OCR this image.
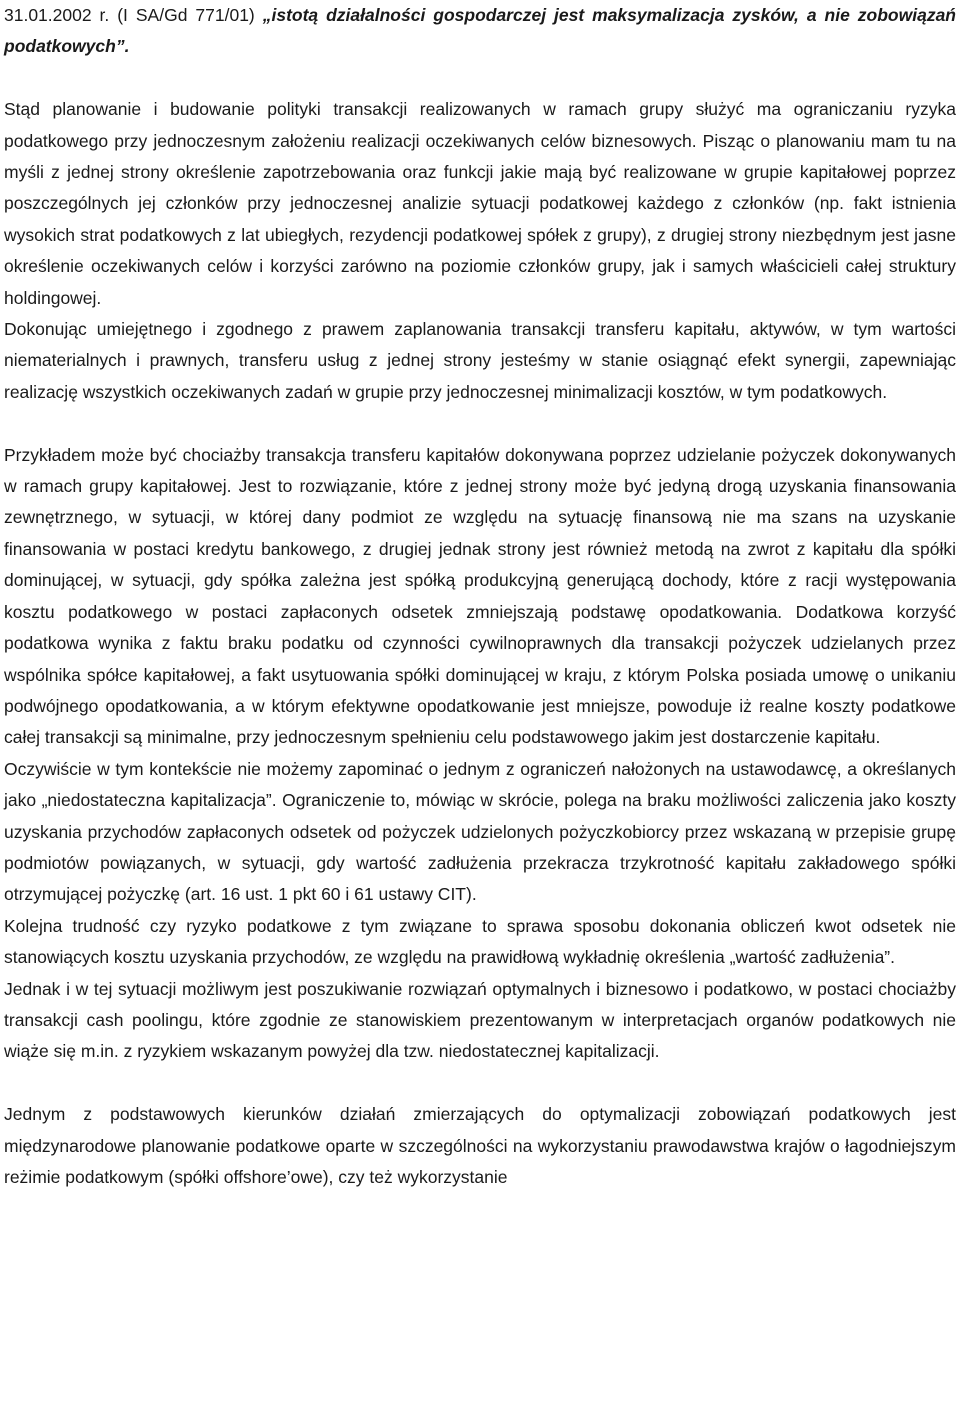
31.01.2002 r. (I SA/Gd 771/01) „istotą działalności gospodarczej jest maksymalizacja zysków, a nie zobowiązań podatkowych”.

Stąd planowanie i budowanie polityki transakcji realizowanych w ramach grupy służyć ma ograniczaniu ryzyka podatkowego przy jednoczesnym założeniu realizacji oczekiwanych celów biznesowych. Pisząc o planowaniu mam tu na myśli z jednej strony określenie zapotrzebowania oraz funkcji jakie mają być realizowane w grupie kapitałowej poprzez poszczególnych jej członków przy jednoczesnej analizie sytuacji podatkowej każdego z członków (np. fakt istnienia wysokich strat podatkowych z lat ubiegłych, rezydencji podatkowej spółek z grupy), z drugiej strony niezbędnym jest jasne określenie oczekiwanych celów i korzyści zarówno na poziomie członków grupy, jak i samych właścicieli całej struktury holdingowej.

Dokonując umiejętnego i zgodnego z prawem zaplanowania transakcji transferu kapitału, aktywów, w tym wartości niematerialnych i prawnych, transferu usług z jednej strony jesteśmy w stanie osiągnąć efekt synergii, zapewniając realizację wszystkich oczekiwanych zadań w grupie przy jednoczesnej minimalizacji kosztów, w tym podatkowych.

Przykładem może być chociażby transakcja transferu kapitałów dokonywana poprzez udzielanie pożyczek dokonywanych w ramach grupy kapitałowej. Jest to rozwiązanie, które z jednej strony może być jedyną drogą uzyskania finansowania zewnętrznego, w sytuacji, w której dany podmiot ze względu na sytuację finansową nie ma szans na uzyskanie finansowania w postaci kredytu bankowego, z drugiej jednak strony jest również metodą na zwrot z kapitału dla spółki dominującej, w sytuacji, gdy spółka zależna jest spółką produkcyjną generującą dochody, które z racji występowania kosztu podatkowego w postaci zapłaconych odsetek zmniejszają podstawę opodatkowania. Dodatkowa korzyść podatkowa wynika z faktu braku podatku od czynności cywilnoprawnych dla transakcji pożyczek udzielanych przez wspólnika spółce kapitałowej, a fakt usytuowania spółki dominującej w kraju, z którym Polska posiada umowę o unikaniu podwójnego opodatkowania, a w którym efektywne opodatkowanie jest mniejsze, powoduje iż realne koszty podatkowe całej transakcji są minimalne, przy jednoczesnym spełnieniu celu podstawowego jakim jest dostarczenie kapitału.

Oczywiście w tym kontekście nie możemy zapominać o jednym z ograniczeń nałożonych na ustawodawcę, a określanych jako „niedostateczna kapitalizacja”. Ograniczenie to, mówiąc w skrócie, polega na braku możliwości zaliczenia jako koszty uzyskania przychodów zapłaconych odsetek od pożyczek udzielonych pożyczkobiorcy przez wskazaną w przepisie grupę podmiotów powiązanych, w sytuacji, gdy wartość zadłużenia przekracza trzykrotność kapitału zakładowego spółki otrzymującej pożyczkę (art. 16 ust. 1 pkt 60 i 61 ustawy CIT).

Kolejna trudność czy ryzyko podatkowe z tym związane to sprawa sposobu dokonania obliczeń kwot odsetek nie stanowiących kosztu uzyskania przychodów, ze względu na prawidłową wykładnię określenia „wartość zadłużenia”.

Jednak i w tej sytuacji możliwym jest poszukiwanie rozwiązań optymalnych i biznesowo i podatkowo, w postaci chociażby transakcji cash poolingu, które zgodnie ze stanowiskiem prezentowanym w interpretacjach organów podatkowych nie wiąże się m.in. z ryzykiem wskazanym powyżej dla tzw. niedostatecznej kapitalizacji.

Jednym z podstawowych kierunków działań zmierzających do optymalizacji zobowiązań podatkowych jest międzynarodowe planowanie podatkowe oparte w szczególności na wykorzystaniu prawodawstwa krajów o łagodniejszym reżimie podatkowym (spółki offshore’owe), czy też wykorzystanie
